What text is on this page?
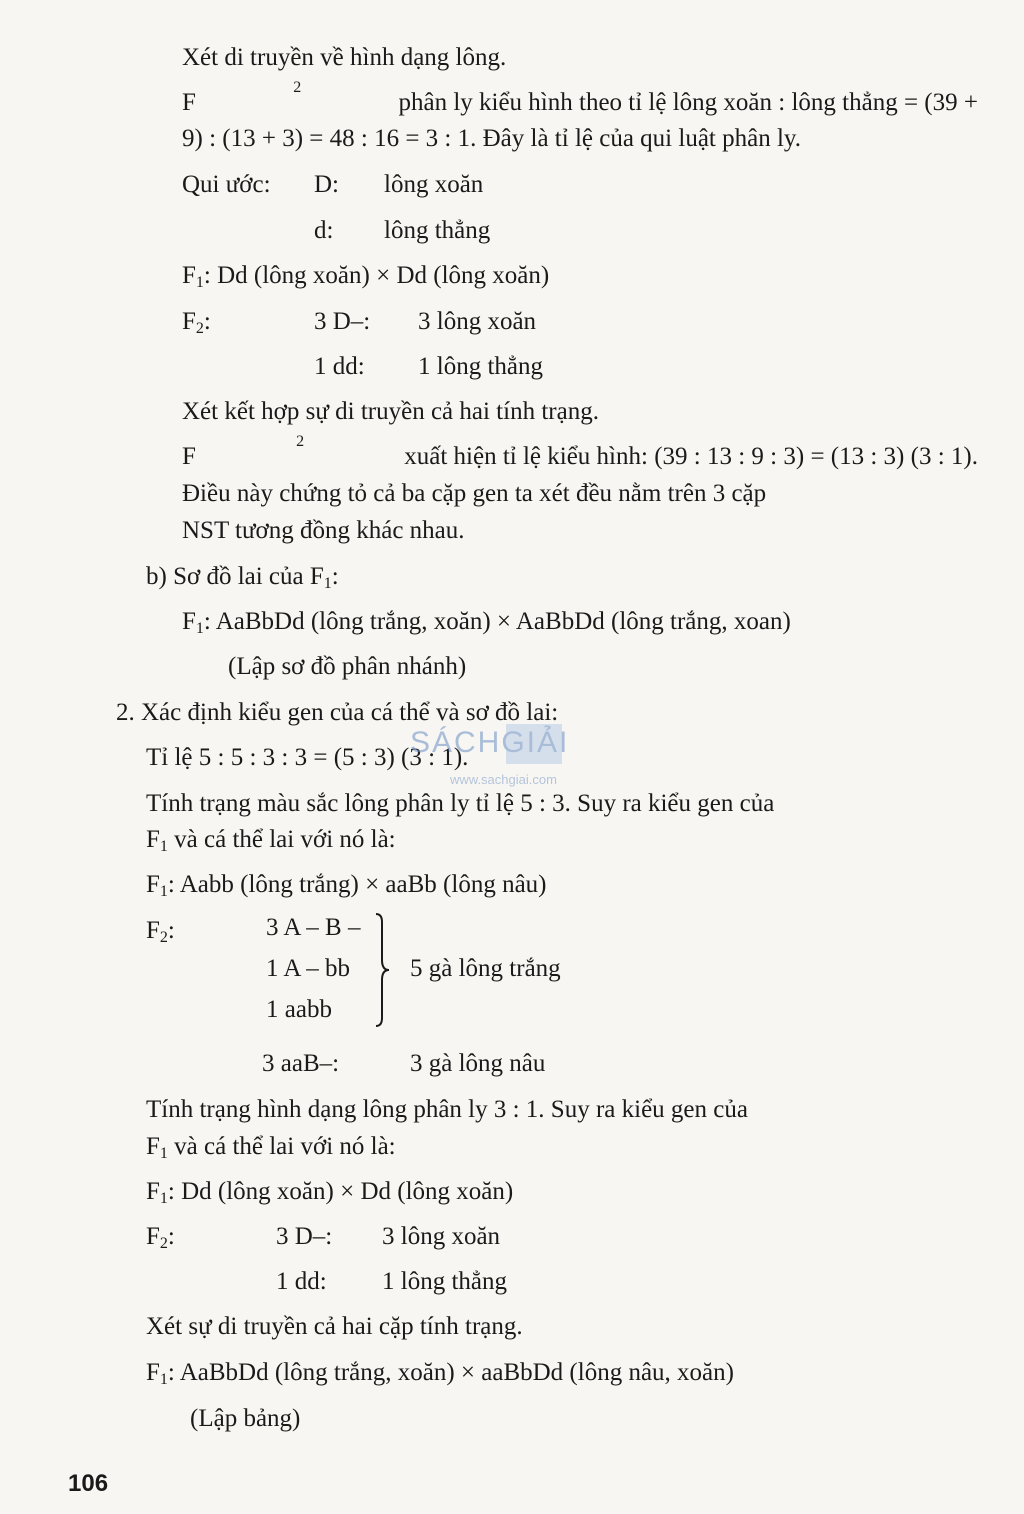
Xét di truyền về hình dạng lông.
F
2
phân ly kiểu hình theo tỉ lệ lông xoăn : lông thẳng = (39 +
9) : (13 + 3) = 48 : 16 = 3 : 1. Đây là tỉ lệ của qui luật phân ly.
Qui ước: D: lông xoăn
d: lông thẳng
$F_1$: Dd (lông xoăn) × Dd (lông xoăn)
$F_2$:	3 D–: 3 lông xoăn
1 dd: 1 lông thẳng
Xét kết hợp sự di truyền cả hai tính trạng.
F
2
xuất hiện tỉ lệ kiểu hình: (39 : 13 : 9 : 3) = (13 : 3) (3 : 1).
Điều này chứng tỏ cả ba cặp gen ta xét đều nằm trên 3 cặp
NST tương đồng khác nhau.
b) Sơ đồ lai của $F_1$:
$F_1$: AaBbDd (lông trắng, xoăn) × AaBbDd (lông trắng, xoan)
(Lập sơ đồ phân nhánh)
2. Xác định kiểu gen của cá thể và sơ đồ lai:
Tỉ lệ 5 : 5 : 3 : 3 = (5 : 3) (3 : 1).
Tính trạng màu sắc lông phân ly tỉ lệ 5 : 3. Suy ra kiểu gen của
$F_1$ và cá thể lai với nó là:
$F_1$: Aabb (lông trắng) × aaBb (lông nâu)
$F_2$:	3 A – B –
1 A – bb
1 aabb
5 gà lông trắng
3 aaB–:	3 gà lông nâu
Tính trạng hình dạng lông phân ly 3 : 1. Suy ra kiểu gen của
$F_1$ và cá thể lai với nó là:
$F_1$: Dd (lông xoăn) × Dd (lông xoăn)
$F_2$:	3 D–: 3 lông xoăn
1 dd: 1 lông thẳng
Xét sự di truyền cả hai cặp tính trạng.
$F_1$: AaBbDd (lông trắng, xoăn) × aaBbDd (lông nâu, xoăn)
(Lập bảng)
SÁCHGIẢI
www.sachgiai.com
106
